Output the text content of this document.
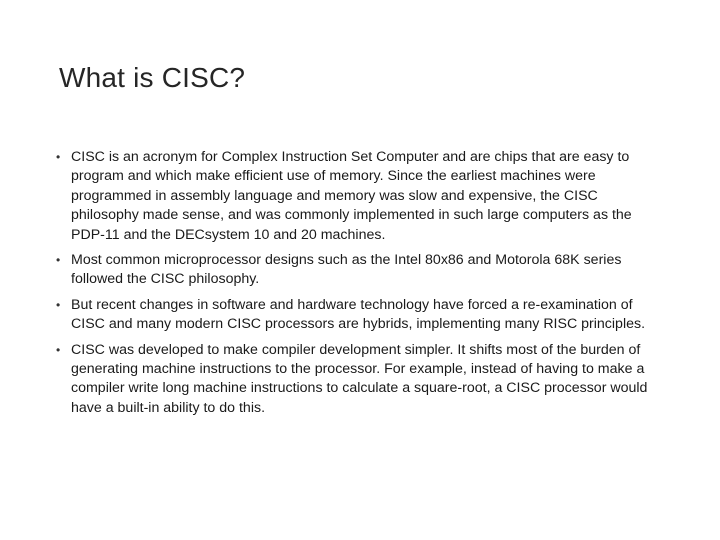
What is CISC?
• CISC is an acronym for Complex Instruction Set Computer and are chips that are easy to program and which make efficient use of memory. Since the earliest machines were programmed in assembly language and memory was slow and expensive, the CISC philosophy made sense, and was commonly implemented in such large computers as the PDP-11 and the DECsystem 10 and 20 machines.
• Most common microprocessor designs such as the Intel 80x86 and Motorola 68K series followed the CISC philosophy.
• But recent changes in software and hardware technology have forced a re-examination of CISC and many modern CISC processors are hybrids, implementing many RISC principles.
• CISC was developed to make compiler development simpler. It shifts most of the burden of generating machine instructions to the processor. For example, instead of having to make a compiler write long machine instructions to calculate a square-root, a CISC processor would have a built-in ability to do this.
